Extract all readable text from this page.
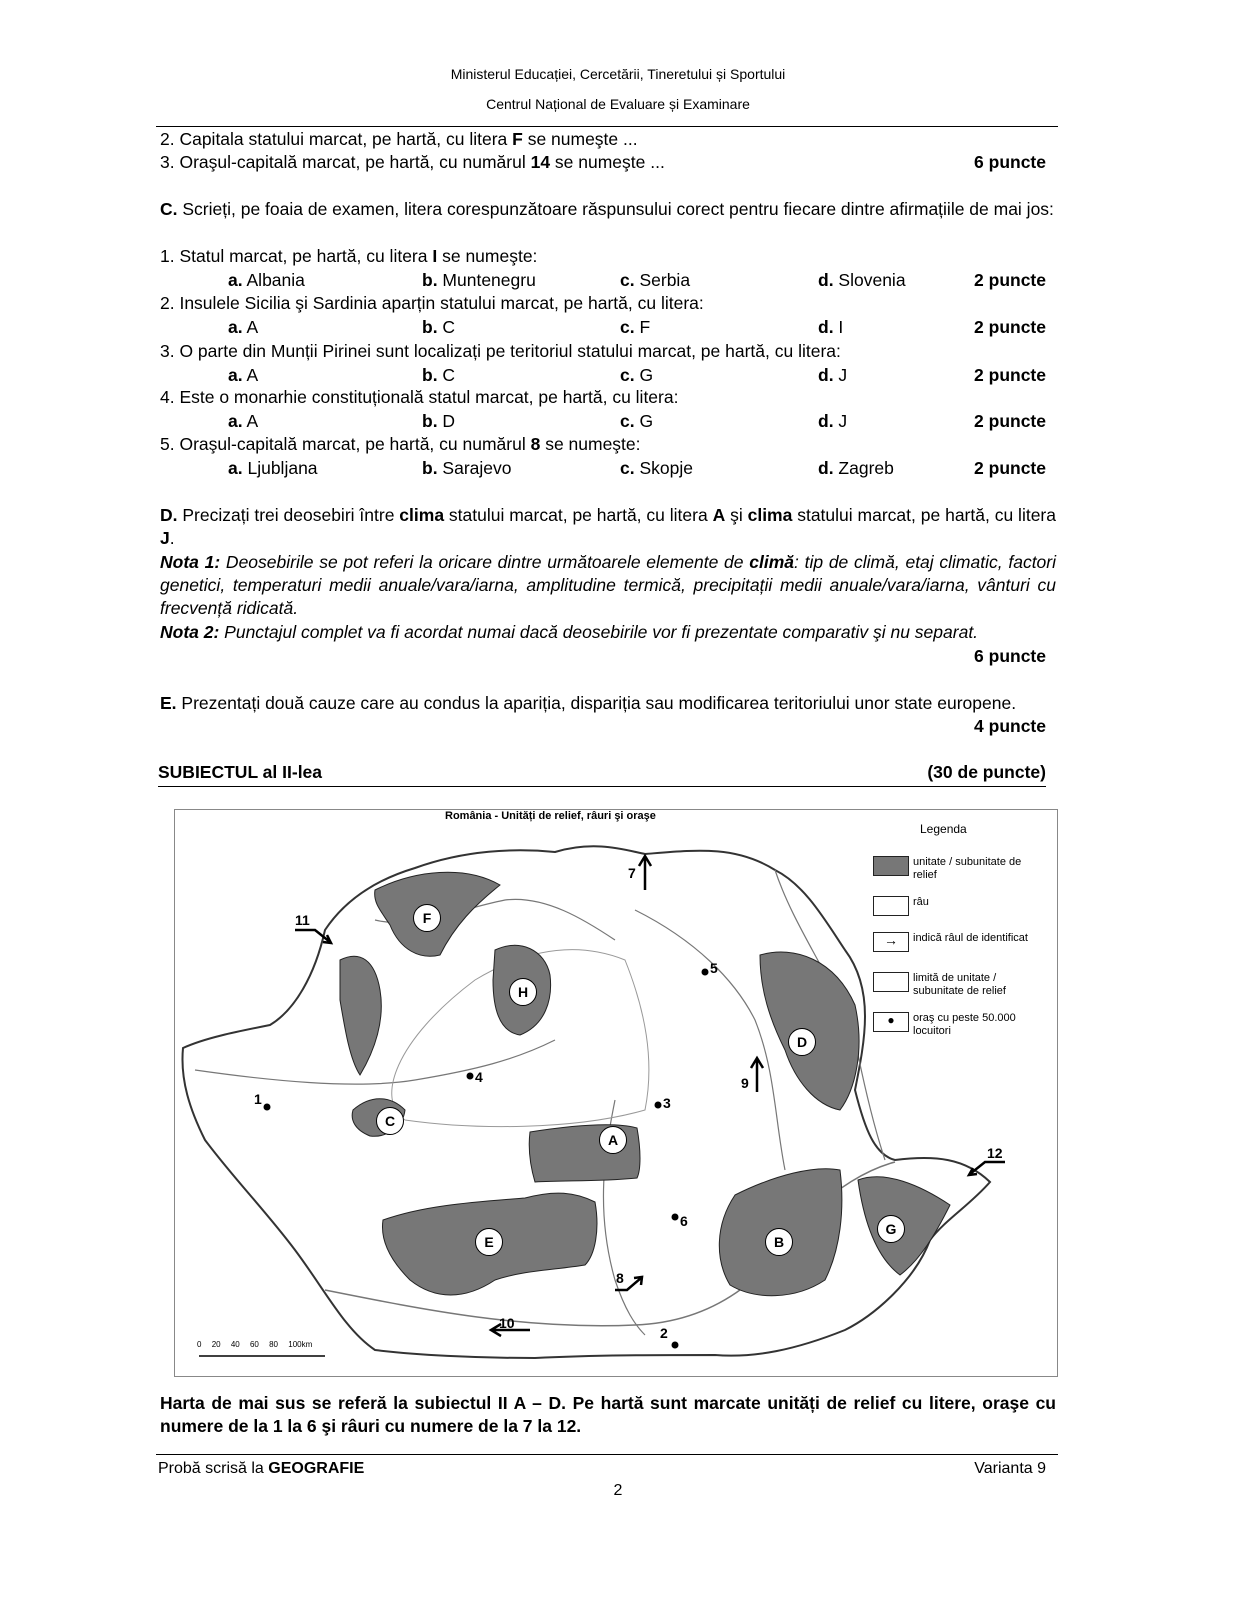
Ministerul Educației, Cercetării, Tineretului și Sportului
Centrul Național de Evaluare și Examinare
2. Capitala statului marcat, pe hartă, cu litera F se numeşte ...
3. Oraşul-capitală marcat, pe hartă, cu numărul 14 se numeşte ...	6 puncte
C. Scrieți, pe foaia de examen, litera corespunzătoare răspunsului corect pentru fiecare dintre afirmațiile de mai jos:
1. Statul marcat, pe hartă, cu litera I se numeşte:
a. Albania	b. Muntenegru	c. Serbia	d. Slovenia	2 puncte
2. Insulele Sicilia şi Sardinia aparțin statului marcat, pe hartă, cu litera:
a. A	b. C	c. F	d. I	2 puncte
3. O parte din Munții Pirinei sunt localizați pe teritoriul statului marcat, pe hartă, cu litera:
a. A	b. C	c. G	d. J	2 puncte
4. Este o monarhie constituțională statul marcat, pe hartă, cu litera:
a. A	b. D	c. G	d. J	2 puncte
5. Oraşul-capitală marcat, pe hartă, cu numărul 8 se numeşte:
a. Ljubljana	b. Sarajevo	c. Skopje	d. Zagreb	2 puncte
D. Precizați trei deosebiri între clima statului marcat, pe hartă, cu litera A şi clima statului marcat, pe hartă, cu litera J.
Nota 1: Deosebirile se pot referi la oricare dintre următoarele elemente de climă: tip de climă, etaj climatic, factori genetici, temperaturi medii anuale/vara/iarna, amplitudine termică, precipitații medii anuale/vara/iarna, vânturi cu frecvență ridicată.
Nota 2: Punctajul complet va fi acordat numai dacă deosebirile vor fi prezentate comparativ şi nu separat.
6 puncte
E. Prezentați două cauze care au condus la apariția, dispariția sau modificarea teritoriului unor state europene.
4 puncte
SUBIECTUL al II-lea	(30 de puncte)
România - Unități de relief, râuri şi oraşe
F
H
D
C
A
E	B
G
1
2
3
4
5
6
7
8
9
10
11
12
0 20 40 60 80 100km
Legenda
unitate / subunitate de relief
râu
→	indică râul de identificat
limită de unitate / subunitate de relief
●	oraş cu peste 50.000 locuitori
Harta de mai sus se referă la subiectul II A – D. Pe hartă sunt marcate unități de relief cu litere, oraşe cu numere de la 1 la 6 şi râuri cu numere de la 7 la 12.
Probă scrisă la GEOGRAFIE	Varianta 9
2
